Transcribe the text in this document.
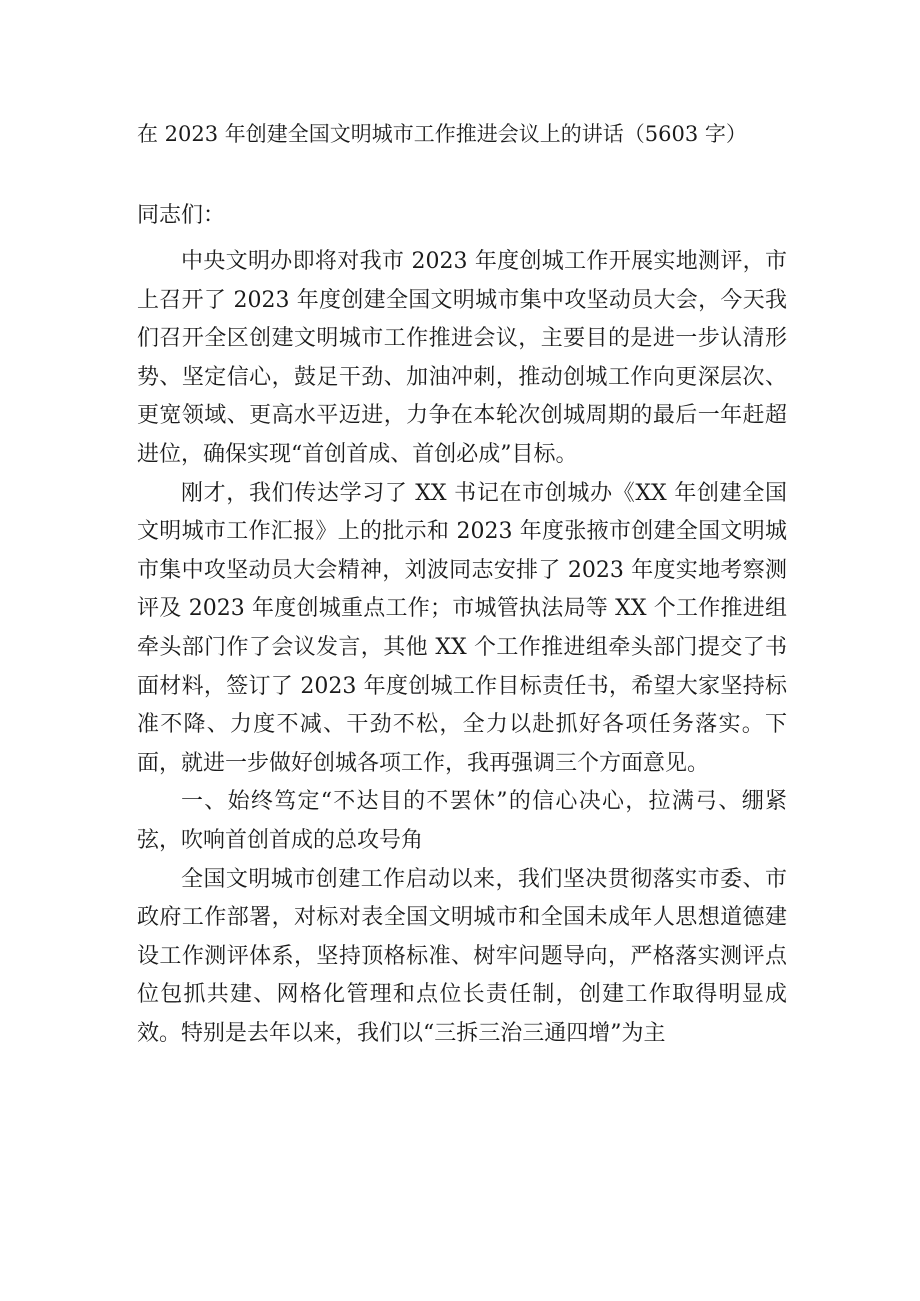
在 2023 年创建全国文明城市工作推进会议上的讲话（5603 字）

同志们：

中央文明办即将对我市 2023 年度创城工作开展实地测评，市上召开了 2023 年度创建全国文明城市集中攻坚动员大会，今天我们召开全区创建文明城市工作推进会议，主要目的是进一步认清形势、坚定信心，鼓足干劲、加油冲刺，推动创城工作向更深层次、更宽领域、更高水平迈进，力争在本轮次创城周期的最后一年赶超进位，确保实现“首创首成、首创必成”目标。

刚才，我们传达学习了 XX 书记在市创城办《XX 年创建全国文明城市工作汇报》上的批示和 2023 年度张掖市创建全国文明城市集中攻坚动员大会精神，刘波同志安排了 2023 年度实地考察测评及 2023 年度创城重点工作；市城管执法局等 XX 个工作推进组牵头部门作了会议发言，其他 XX 个工作推进组牵头部门提交了书面材料，签订了 2023 年度创城工作目标责任书，希望大家坚持标准不降、力度不减、干劲不松，全力以赴抓好各项任务落实。下面，就进一步做好创城各项工作，我再强调三个方面意见。

一、始终笃定“不达目的不罢休”的信心决心，拉满弓、绷紧弦，吹响首创首成的总攻号角

全国文明城市创建工作启动以来，我们坚决贯彻落实市委、市政府工作部署，对标对表全国文明城市和全国未成年人思想道德建设工作测评体系，坚持顶格标准、树牢问题导向，严格落实测评点位包抓共建、网格化管理和点位长责任制，创建工作取得明显成效。特别是去年以来，我们以“三拆三治三通四增”为主
